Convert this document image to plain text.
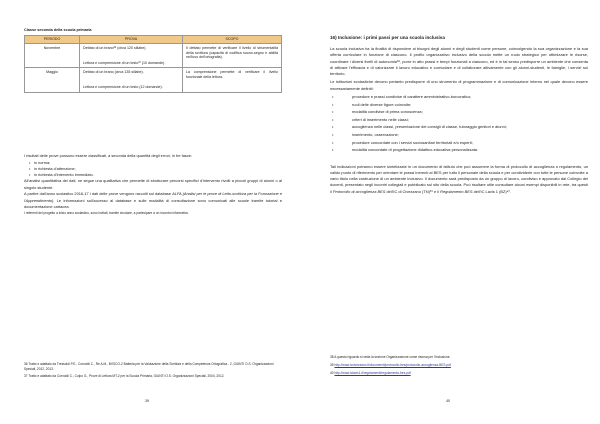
Classe seconda della scuola primaria
PERIODO	PROVA	SCOPO
Novembre	Dettato di un brano³⁶ (circa 120 sillabe).
Lettura e comprensione di un testo³⁷ (10 domande).	Il dettato permette di verificare il livello di strumentalità della scrittura (capacità di codifica suono-segno e abilità nell'uso dell'ortografia).
Maggio	Dettato di un brano (circa 135 sillabe).
Lettura e comprensione di un testo (12 domande).	La comprensione permette di verificare il livello funzionale della lettura.

I risultati delle prove possono essere classificati, a seconda della quantità degli errori, in tre fasce:

• in norma;
• in richiesta d'attenzione;
• in richiesta d'intervento immediato.

All'analisi quantitativa dei dati, ne segue una qualitativa che permette di strutturare percorsi specifici d'intervento rivolti a piccoli gruppi di alunni o al singolo studente.

A partire dall'anno scolastico 2016-17 i dati delle prove vengono raccolti sul database ALFA (Analisi per le prove di Letto-scrittura per la Formazione e l'Apprendimento). Le informazioni sull'accesso al database e sulle modalità di consultazione sono comunicati alle scuole tramite tutorial e documentazione cartacea.

I referenti del progetto a inizio anno scolastico, sono invitati, tramite circolare, a partecipare a un incontro informativo.

36 Tratto e adattato da Tressoldi P.E., Cornoldi C., Re A.M., BVSCO-2 Batteria per la Valutazione della Scrittura e della Competenza Ortografica - 2, GIUNTI O.S. Organizzazioni Speciali, 2012, 2013.

37 Tratto e adattato da Cornoldi C., Colpo G., Prove di Lettura MT-2 per la Scuola Primaria, GIUNTI O.S. Organizzazioni Speciali, 2004, 2012.

39
16) Inclusione: i primi passi per una scuola inclusiva

La scuola inclusiva ha la finalità di rispondere ai bisogni degli alunni e degli studenti come persone, coinvolgendo la sua organizzazione e la sua offerta curricolare in funzione di ciascuno. Il profilo organizzativo inclusivo della scuola mette un ruolo strategico per ottimizzare le risorse, coordinare i diversi livelli di autonomia³⁸, porre in atto prassi e tempi funzionali a ciascuno, ed è in tal senso predisporre un ambiente che consenta di attivare l'efficacia e di valorizzare il lavoro educativo e curricolare e di collaborare attivamente con gli alunni-studenti, le famiglie, i servizi sul territorio.

Le istituzioni scolastiche devono pertanto predisporre di uno strumento di programmazione e di comunicazione interno nel quale devono essere necessariamente definiti:

• procedure e prassi condivise di carattere amministrativo-burocratico;
• ruoli delle diverse figure coinvolte;
• modalità condivise di prima conoscenza;
• criteri di inserimento nelle classi;
• accoglienza nelle classi, presentazione dei consigli di classe, tutoraggio genitori e alunni;
• inserimento, osservazione;
• procedure concordate con i servizi sociosanitari territoriali e/o esperti;
• modalità concordate di progettazione didattico-educativa personalizzata.

Tali indicazioni potranno essere sintetizzate in un documento di istituto che può assumere la forma di protocollo di accoglienza o regolamento, un valido punto di riferimento per orientare le prassi inerenti ai BES per tutto il personale della scuola e per condividerle con tutte le persone coinvolte a vario titolo nella costruzione di un ambiente inclusivo. Il documento sarà predisposto da un gruppo di lavoro, condiviso e approvato dal Collegio dei docenti, presentato negli incontri collegiali e pubblicato sul sito della scuola. Può risultare utile consultare alcuni esempi disponibili in rete, tra questi il Protocollo di accoglienza BES dell'IC di Civezzano (TN)³⁹ e il Regolamento BES dell'IC Lavis 1 (BZ)⁴⁰.

38 A questo riguardo si veda la sezione Organizzazione come risorsa per l'inclusione.

39 http://www.iccivezzano.it/documenti/protocollo-bes/protocollo-accoglienza-BES.pdf

40 http://www.iclavis1.it/regolamenti/regolamento-bes.pdf

40
